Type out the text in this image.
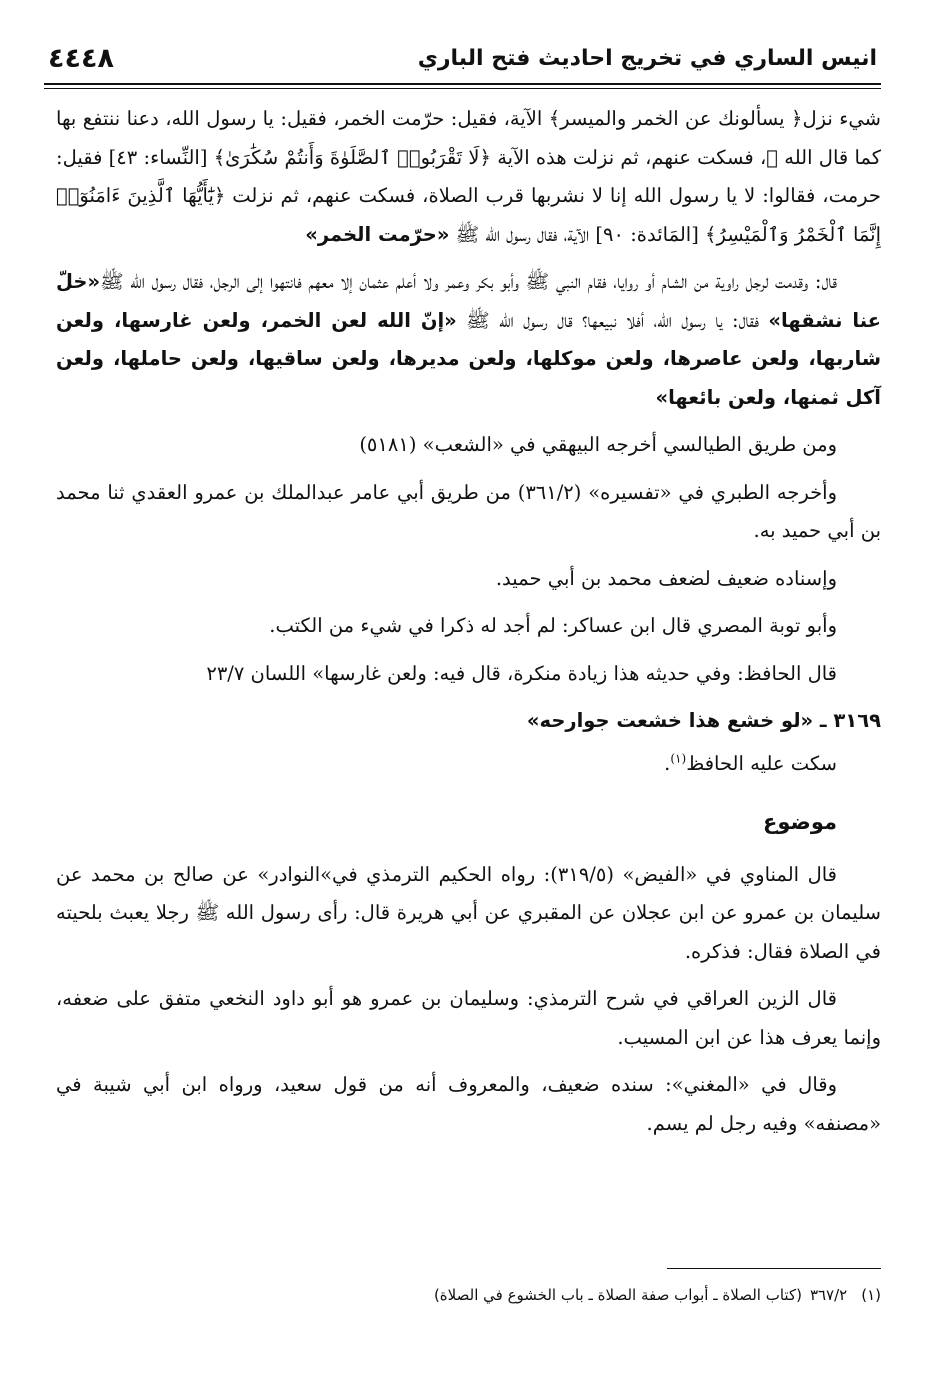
انيس الساري في تخريج احاديث فتح الباري
٤٤٤٨

شيء نزل﴿ يسألونك عن الخمر والميسر﴾ الآية، فقيل: حرّمت الخمر، فقيل: يا رسول الله، دعنا ننتفع بها كما قال الله ﷻ، فسكت عنهم، ثم نزلت هذه الآية ﴿لَا تَقْرَبُوا۟ ٱلصَّلَوٰةَ وَأَنتُمْ سُكَٰرَىٰ﴾ [النِّساء: ٤٣] فقيل: حرمت، فقالوا: لا يا رسول الله إنا لا نشربها قرب الصلاة، فسكت عنهم، ثم نزلت ﴿يَٰٓأَيُّهَا ٱلَّذِينَ ءَامَنُوٓا۟ إِنَّمَا ٱلْخَمْرُ وَٱلْمَيْسِرُ﴾ [المَائدة: ٩٠] الآية، فقال رسول الله ﷺ «حرّمت الخمر»

قال: وقدمت لرجل راوية من الشام أو روايا، فقام النبي ﷺ وأبو بكر وعمر ولا أعلم عثمان إلا معهم فانتهوا إلى الرجل، فقال رسول الله ﷺ«خلّ عنا نشقها» فقال: يا رسول الله، أفلا نبيعها؟ قال رسول الله ﷺ «إنّ الله لعن الخمر، ولعن غارسها، ولعن شاربها، ولعن عاصرها، ولعن موكلها، ولعن مديرها، ولعن ساقيها، ولعن حاملها، ولعن آكل ثمنها، ولعن بائعها»

ومن طريق الطيالسي أخرجه البيهقي في «الشعب» (٥١٨١)

وأخرجه الطبري في «تفسيره» (٣٦١/٢) من طريق أبي عامر عبدالملك بن عمرو العقدي ثنا محمد بن أبي حميد به.

وإسناده ضعيف لضعف محمد بن أبي حميد.

وأبو توبة المصري قال ابن عساكر: لم أجد له ذكرا في شيء من الكتب.

قال الحافظ: وفي حديثه هذا زيادة منكرة، قال فيه: ولعن غارسها» اللسان ٢٣/٧

٣١٦٩ ـ «لو خشع هذا خشعت جوارحه»

سكت عليه الحافظ$^{(١)}$.

موضوع

قال المناوي في «الفيض» (٣١٩/٥): رواه الحكيم الترمذي في»النوادر» عن صالح بن محمد عن سليمان بن عمرو عن ابن عجلان عن المقبري عن أبي هريرة قال: رأى رسول الله ﷺ رجلا يعبث بلحيته في الصلاة فقال: فذكره.

قال الزين العراقي في شرح الترمذي: وسليمان بن عمرو هو أبو داود النخعي متفق على ضعفه، وإنما يعرف هذا عن ابن المسيب.

وقال في «المغني»: سنده ضعيف، والمعروف أنه من قول سعيد، ورواه ابن أبي شيبة في «مصنفه» وفيه رجل لم يسم.

(١)٣٦٧/٢(كتاب الصلاة ـ أبواب صفة الصلاة ـ باب الخشوع في الصلاة)
